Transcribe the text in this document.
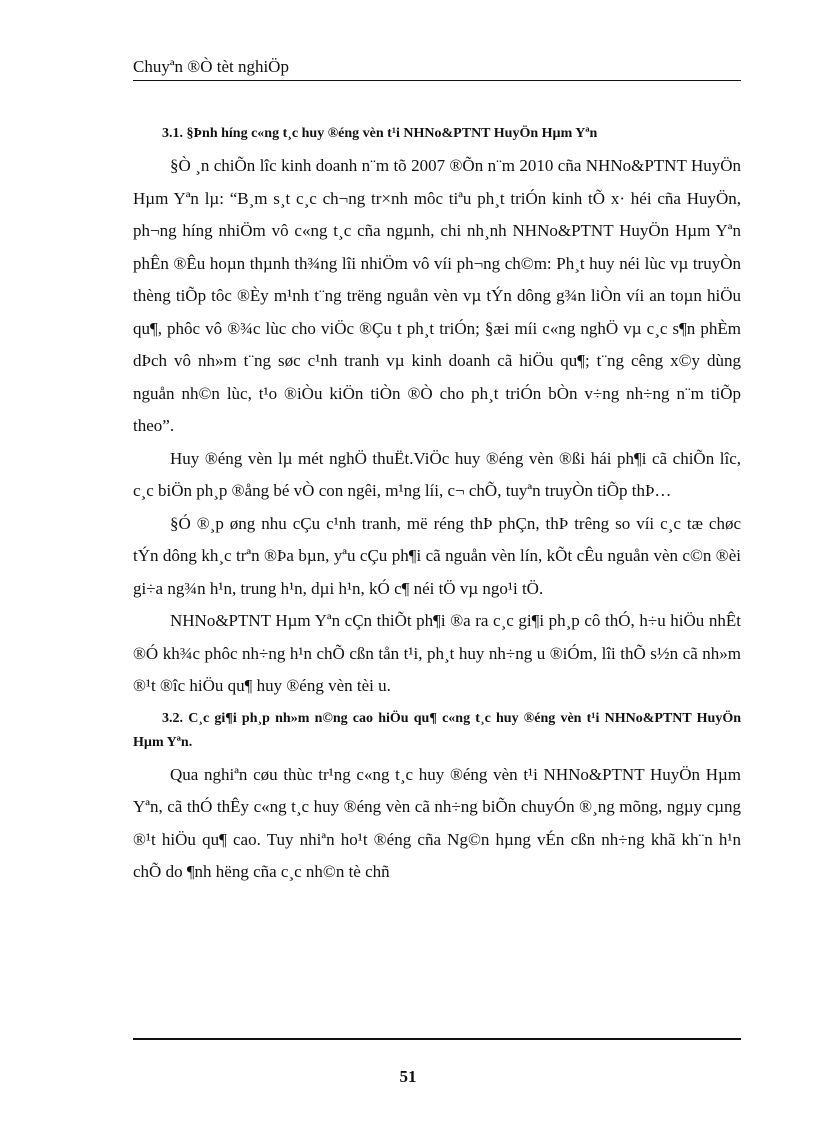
Chuyªn ®Ò tèt nghiÖp

3.1. §Þnh híng c«ng t¸c huy ®éng vèn t¹i NHNo&PTNT HuyÖn Hµm Yªn

§Ò ¸n chiÕn lîc kinh doanh n¨m tõ 2007 ®Õn n¨m 2010 cña NHNo&PTNT HuyÖn Hµm Yªn lµ: “B¸m s¸t c¸c ch¬ng tr×nh môc tiªu ph¸t triÓn kinh tÕ x· héi cña HuyÖn, ph¬ng híng nhiÖm vô c«ng t¸c cña ngµnh, chi nh¸nh NHNo&PTNT HuyÖn Hµm Yªn phÊn ®Êu hoµn thµnh th¾ng lîi nhiÖm vô víi ph¬ng ch©m: Ph¸t huy néi lùc vµ truyÒn thèng tiÕp tôc ®Èy m¹nh t¨ng trëng nguån vèn vµ tÝn dông g¾n liÒn víi an toµn hiÖu qu¶, phôc vô ®¾c lùc cho viÖc ®Çu t ph¸t triÓn; §æi míi c«ng nghÖ vµ c¸c s¶n phÈm dÞch vô nh»m t¨ng søc c¹nh tranh vµ kinh doanh cã hiÖu qu¶; t¨ng cêng x©y dùng nguån nh©n lùc, t¹o ®iÒu kiÖn tiÒn ®Ò cho ph¸t triÓn bÒn v÷ng nh÷ng n¨m tiÕp theo”.

Huy ®éng vèn lµ mét nghÖ thuËt.ViÖc huy ®éng vèn ®ßi hái ph¶i cã chiÕn lîc, c¸c biÖn ph¸p ®ång bé vÒ con ngêi, m¹ng líi, c¬ chÕ, tuyªn truyÒn tiÕp thÞ…

§Ó ®¸p øng nhu cÇu c¹nh tranh, më réng thÞ phÇn, thÞ trêng so víi c¸c tæ chøc tÝn dông kh¸c trªn ®Þa bµn, yªu cÇu ph¶i cã nguån vèn lín, kÕt cÊu nguån vèn c©n ®èi gi÷a ng¾n h¹n, trung h¹n, dµi h¹n, kÓ c¶ néi tÖ vµ ngo¹i tÖ.

NHNo&PTNT Hµm Yªn cÇn thiÕt ph¶i ®a ra c¸c gi¶i ph¸p cô thÓ, h÷u hiÖu nhÊt ®Ó kh¾c phôc nh÷ng h¹n chÕ cßn tån t¹i, ph¸t huy nh÷ng u ®iÓm, lîi thÕ s½n cã nh»m ®¹t ®îc hiÖu qu¶ huy ®éng vèn tèi u.

3.2. C¸c gi¶i ph¸p nh»m n©ng cao hiÖu qu¶ c«ng t¸c huy ®éng vèn t¹i NHNo&PTNT HuyÖn Hµm Yªn.

Qua nghiªn cøu thùc tr¹ng c«ng t¸c huy ®éng vèn t¹i NHNo&PTNT HuyÖn Hµm Yªn, cã thÓ thÊy c«ng t¸c huy ®éng vèn cã nh÷ng biÕn chuyÓn ®¸ng mõng, ngµy cµng ®¹t hiÖu qu¶ cao. Tuy nhiªn ho¹t ®éng cña Ng©n hµng vÉn cßn nh÷ng khã kh¨n h¹n chÕ do ¶nh hëng cña c¸c nh©n tè chñ

51
